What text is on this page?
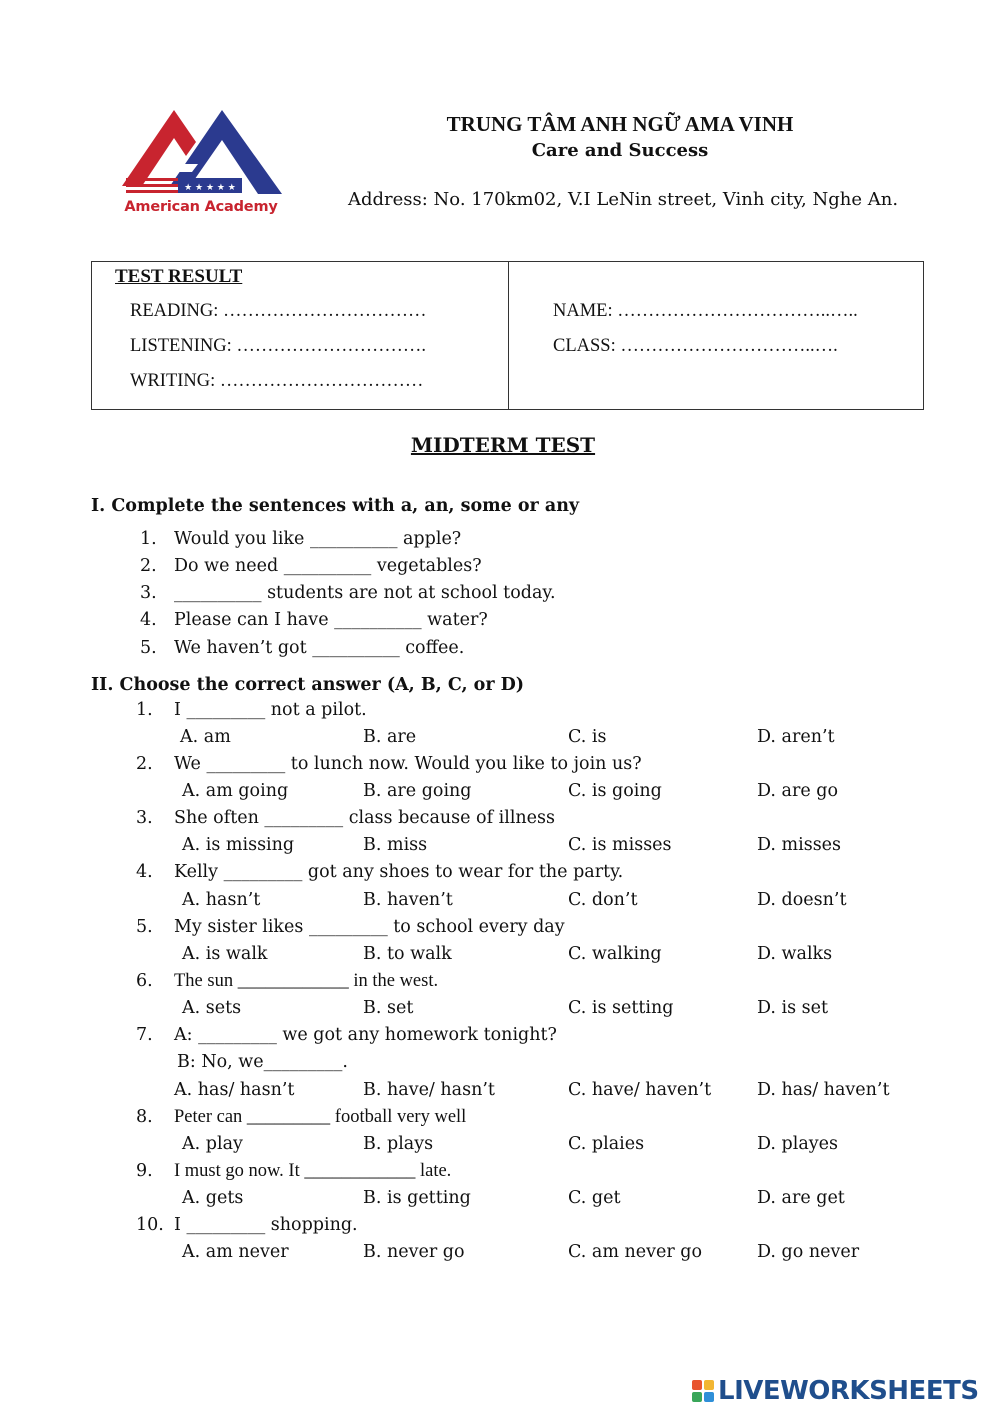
★ ★ ★ ★ ★
American Academy
TRUNG TÂM ANH NGỮ AMA VINH
Care and Success
Address: No. 170km02, V.I LeNin street, Vinh city, Nghe An.
TEST RESULT
READING: ……………………………
LISTENING: ………………………….
WRITING: ……………………………
NAME: ……………………………..…..
CLASS: …………………………..….
MIDTERM TEST
I. Complete the sentences with a, an, some or any
1. Would you like __________ apple?
2. Do we need __________ vegetables?
3. __________ students are not at school today.
4. Please can I have __________ water?
5. We haven’t got __________ coffee.
II. Choose the correct answer (A, B, C, or D)
1. I _________ not a pilot.
A. am	B. are	C. is	D. aren’t
2. We _________ to lunch now. Would you like to join us?
A. am going	B. are going	C. is going	D. are go
3. She often _________ class because of illness
A. is missing	B. miss	C. is misses	D. misses
4. Kelly _________ got any shoes to wear for the party.
A. hasn’t	B. haven’t	C. don’t	D. doesn’t
5. My sister likes _________ to school every day
A. is walk	B. to walk	C. walking	D. walks
6. The sun ____________ in the west.
A. sets	B. set	C. is setting	D. is set
7. A: _________ we got any homework tonight?
B: No, we_________.
A. has/ hasn’t	B. have/ hasn’t	C. have/ haven’t	D. has/ haven’t
8. Peter can _________ football very well
A. play	B. plays	C. plaies	D. playes
9. I must go now. It ____________ late.
A. gets	B. is getting	C. get	D. are get
10. I _________ shopping.
A. am never	B. never go	C. am never go	D. go never
LIVEWORKSHEETS
